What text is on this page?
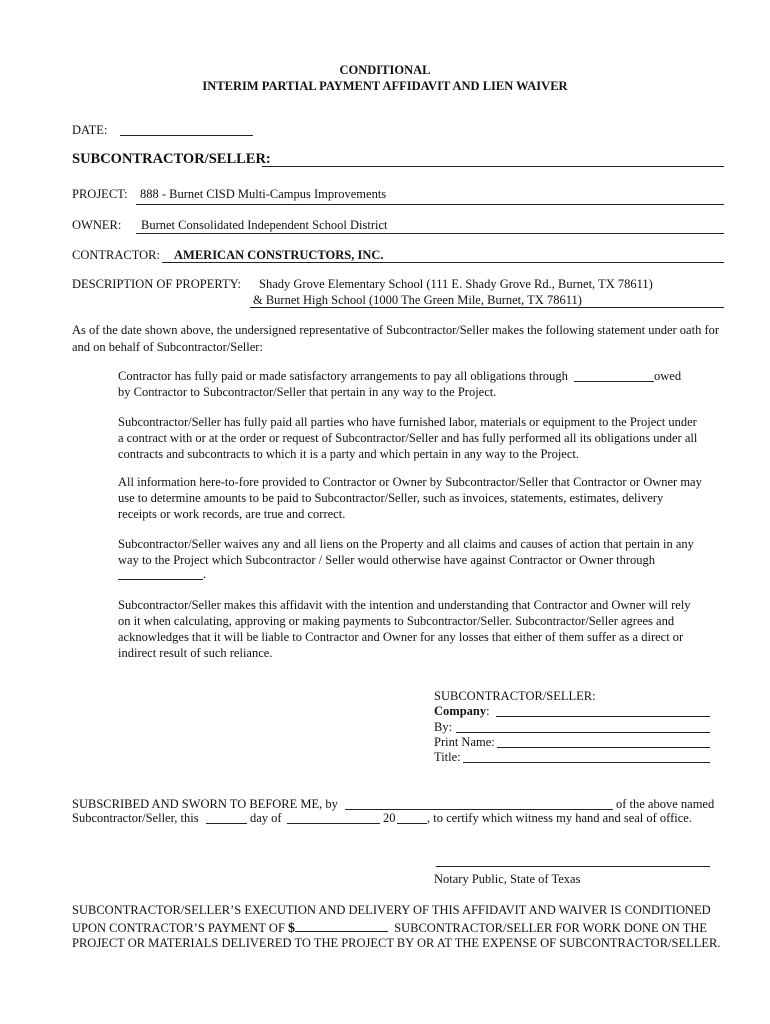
CONDITIONAL
INTERIM PARTIAL PAYMENT AFFIDAVIT AND LIEN WAIVER
DATE:
SUBCONTRACTOR/SELLER:
PROJECT: 888 - Burnet CISD Multi-Campus Improvements
OWNER: Burnet Consolidated Independent School District
CONTRACTOR: AMERICAN CONSTRUCTORS, INC.
DESCRIPTION OF PROPERTY: Shady Grove Elementary School (111 E. Shady Grove Rd., Burnet, TX 78611)
& Burnet High School (1000 The Green Mile, Burnet, TX 78611)
As of the date shown above, the undersigned representative of Subcontractor/Seller makes the following statement under oath for
and on behalf of Subcontractor/Seller:
Contractor has fully paid or made satisfactory arrangements to pay all obligations through	owed
by Contractor to Subcontractor/Seller that pertain in any way to the Project.
Subcontractor/Seller has fully paid all parties who have furnished labor, materials or equipment to the Project under
a contract with or at the order or request of Subcontractor/Seller and has fully performed all its obligations under all
contracts and subcontracts to which it is a party and which pertain in any way to the Project.
All information here-to-fore provided to Contractor or Owner by Subcontractor/Seller that Contractor or Owner may
use to determine amounts to be paid to Subcontractor/Seller, such as invoices, statements, estimates, delivery
receipts or work records, are true and correct.
Subcontractor/Seller waives any and all liens on the Property and all claims and causes of action that pertain in any
way to the Project which Subcontractor / Seller would otherwise have against Contractor or Owner through
.
Subcontractor/Seller makes this affidavit with the intention and understanding that Contractor and Owner will rely
on it when calculating, approving or making payments to Subcontractor/Seller. Subcontractor/Seller agrees and
acknowledges that it will be liable to Contractor and Owner for any losses that either of them suffer as a direct or
indirect result of such reliance.
SUBCONTRACTOR/SELLER:
Company:
By:
Print Name:
Title:
SUBSCRIBED AND SWORN TO BEFORE ME, by	of the above named
Subcontractor/Seller, this	day of	20	, to certify which witness my hand and seal of office.
Notary Public, State of Texas
SUBCONTRACTOR/SELLER’S EXECUTION AND DELIVERY OF THIS AFFIDAVIT AND WAIVER IS CONDITIONED
UPON CONTRACTOR’S PAYMENT OF $	SUBCONTRACTOR/SELLER FOR WORK DONE ON THE
PROJECT OR MATERIALS DELIVERED TO THE PROJECT BY OR AT THE EXPENSE OF SUBCONTRACTOR/SELLER.
